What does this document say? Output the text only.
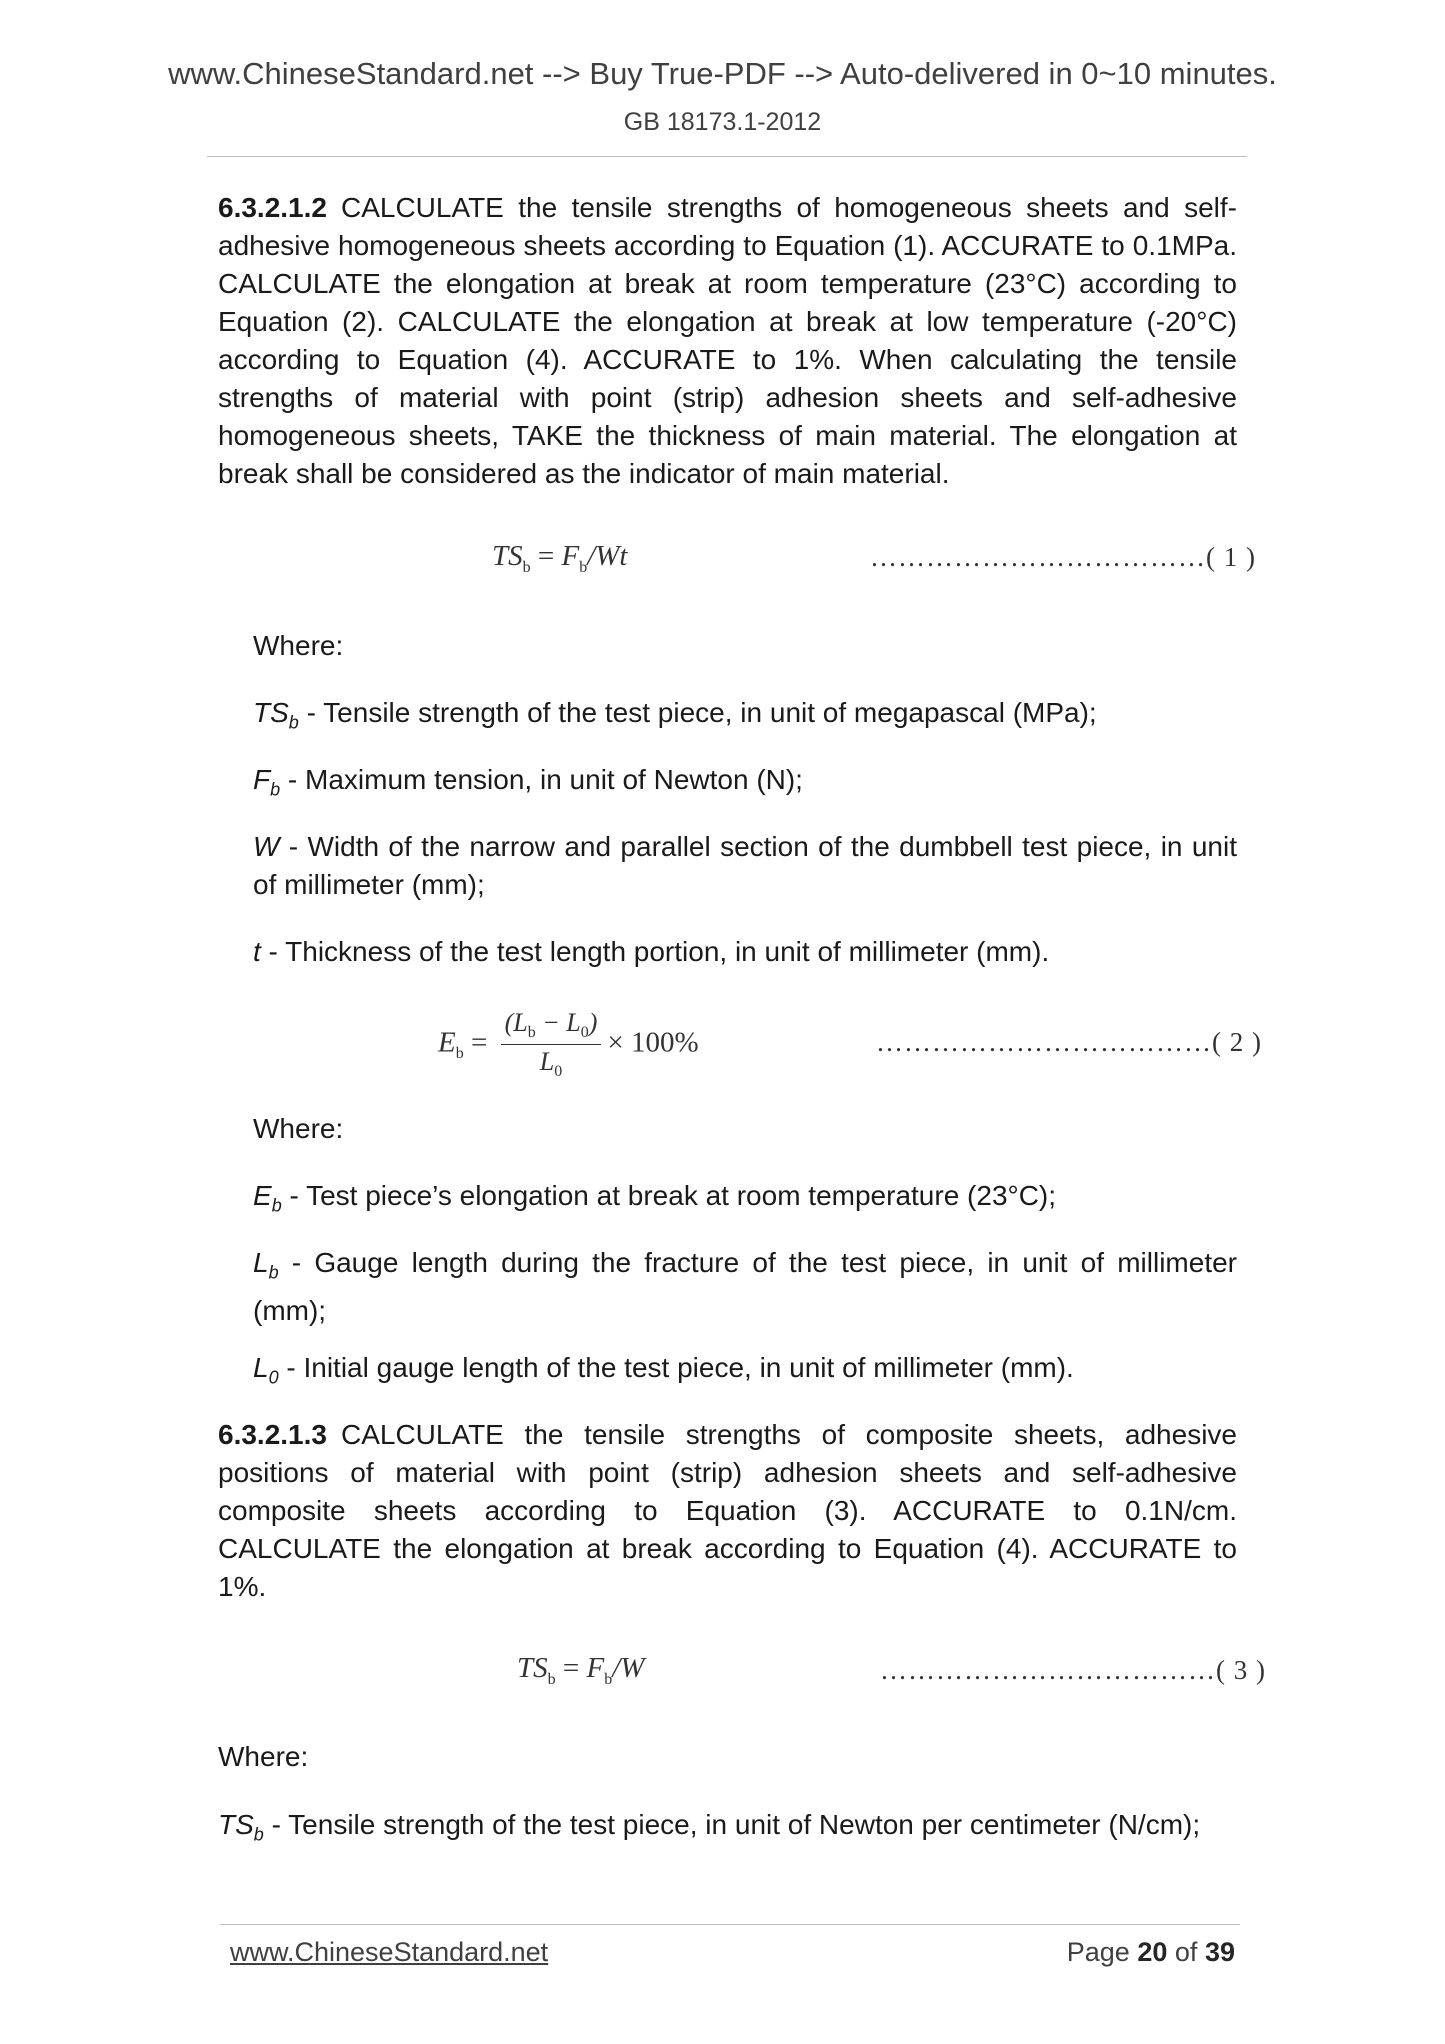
www.ChineseStandard.net --> Buy True-PDF --> Auto-delivered in 0~10 minutes.
GB 18173.1-2012

6.3.2.1.2 CALCULATE the tensile strengths of homogeneous sheets and self-adhesive homogeneous sheets according to Equation (1). ACCURATE to 0.1MPa. CALCULATE the elongation at break at room temperature (23°C) according to Equation (2). CALCULATE the elongation at break at low temperature (-20°C) according to Equation (4). ACCURATE to 1%. When calculating the tensile strengths of material with point (strip) adhesion sheets and self-adhesive homogeneous sheets, TAKE the thickness of main material. The elongation at break shall be considered as the indicator of main material.

$TS_b = F_b/Wt$	………………………………( 1 )

Where:

$TS_b$ - Tensile strength of the test piece, in unit of megapascal (MPa);

$F_b$ - Maximum tension, in unit of Newton (N);

W - Width of the narrow and parallel section of the dumbbell test piece, in unit of millimeter (mm);

t - Thickness of the test length portion, in unit of millimeter (mm).

$E_b = \frac{(L_b - L_0)}{L_0} \times 100\%$	………………………………( 2 )

Where:

$E_b$ - Test piece’s elongation at break at room temperature (23°C);

$L_b$ - Gauge length during the fracture of the test piece, in unit of millimeter (mm);

$L_0$ - Initial gauge length of the test piece, in unit of millimeter (mm).

6.3.2.1.3 CALCULATE the tensile strengths of composite sheets, adhesive positions of material with point (strip) adhesion sheets and self-adhesive composite sheets according to Equation (3). ACCURATE to 0.1N/cm. CALCULATE the elongation at break according to Equation (4). ACCURATE to 1%.

$TS_b = F_b/W$	………………………………( 3 )

Where:

$TS_b$ - Tensile strength of the test piece, in unit of Newton per centimeter (N/cm);

www.ChineseStandard.net	Page 20 of 39
